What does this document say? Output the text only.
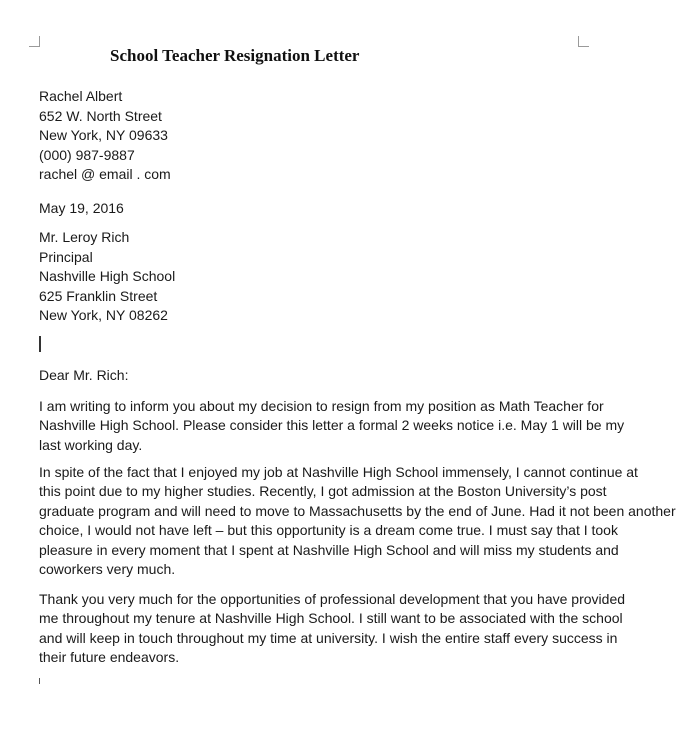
School Teacher Resignation Letter
Rachel Albert
652 W. North Street
New York, NY 09633
(000) 987-9887
rachel @ email . com
May 19, 2016
Mr. Leroy Rich
Principal
Nashville High School
625 Franklin Street
New York, NY 08262
Dear Mr. Rich:
I am writing to inform you about my decision to resign from my position as Math Teacher for
Nashville High School. Please consider this letter a formal 2 weeks notice i.e. May 1 will be my
last working day.
In spite of the fact that I enjoyed my job at Nashville High School immensely, I cannot continue at
this point due to my higher studies. Recently, I got admission at the Boston University’s post
graduate program and will need to move to Massachusetts by the end of June. Had it not been another
choice, I would not have left – but this opportunity is a dream come true. I must say that I took
pleasure in every moment that I spent at Nashville High School and will miss my students and
coworkers very much.
Thank you very much for the opportunities of professional development that you have provided
me throughout my tenure at Nashville High School. I still want to be associated with the school
and will keep in touch throughout my time at university. I wish the entire staff every success in
their future endeavors.
